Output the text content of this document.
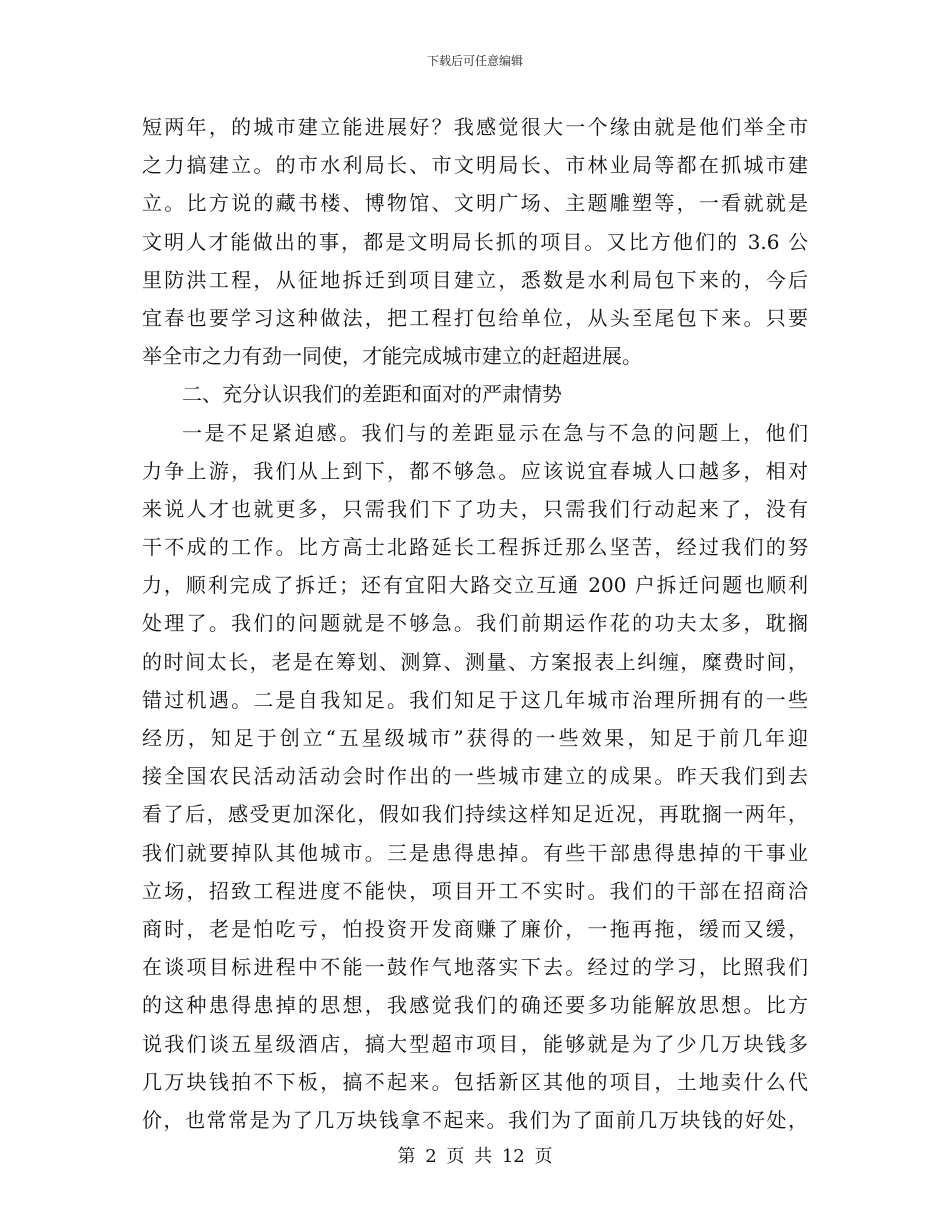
下载后可任意编辑
短两年，的城市建立能进展好？我感觉很大一个缘由就是他们举全市
之力搞建立。的市水利局长、市文明局长、市林业局等都在抓城市建
立。比方说的藏书楼、博物馆、文明广场、主题雕塑等，一看就就是
文明人才能做出的事，都是文明局长抓的项目。又比方他们的 3.6 公
里防洪工程，从征地拆迁到项目建立，悉数是水利局包下来的，今后
宜春也要学习这种做法，把工程打包给单位，从头至尾包下来。只要
举全市之力有劲一同使，才能完成城市建立的赶超进展。
二、充分认识我们的差距和面对的严肃情势
一是不足紧迫感。我们与的差距显示在急与不急的问题上，他们
力争上游，我们从上到下，都不够急。应该说宜春城人口越多，相对
来说人才也就更多，只需我们下了功夫，只需我们行动起来了，没有
干不成的工作。比方高士北路延长工程拆迁那么坚苦，经过我们的努
力，顺利完成了拆迁；还有宜阳大路交立互通 200 户拆迁问题也顺利
处理了。我们的问题就是不够急。我们前期运作花的功夫太多，耽搁
的时间太长，老是在筹划、测算、测量、方案报表上纠缠，糜费时间，
错过机遇。二是自我知足。我们知足于这几年城市治理所拥有的一些
经历，知足于创立“五星级城市”获得的一些效果，知足于前几年迎
接全国农民活动活动会时作出的一些城市建立的成果。昨天我们到去
看了后，感受更加深化，假如我们持续这样知足近况，再耽搁一两年，
我们就要掉队其他城市。三是患得患掉。有些干部患得患掉的干事业
立场，招致工程进度不能快，项目开工不实时。我们的干部在招商洽
商时，老是怕吃亏，怕投资开发商赚了廉价，一拖再拖，缓而又缓，
在谈项目标进程中不能一鼓作气地落实下去。经过的学习，比照我们
的这种患得患掉的思想，我感觉我们的确还要多功能解放思想。比方
说我们谈五星级酒店，搞大型超市项目，能够就是为了少几万块钱多
几万块钱拍不下板，搞不起来。包括新区其他的项目，土地卖什么代
价，也常常是为了几万块钱拿不起来。我们为了面前几万块钱的好处，
第 2 页 共 12 页
